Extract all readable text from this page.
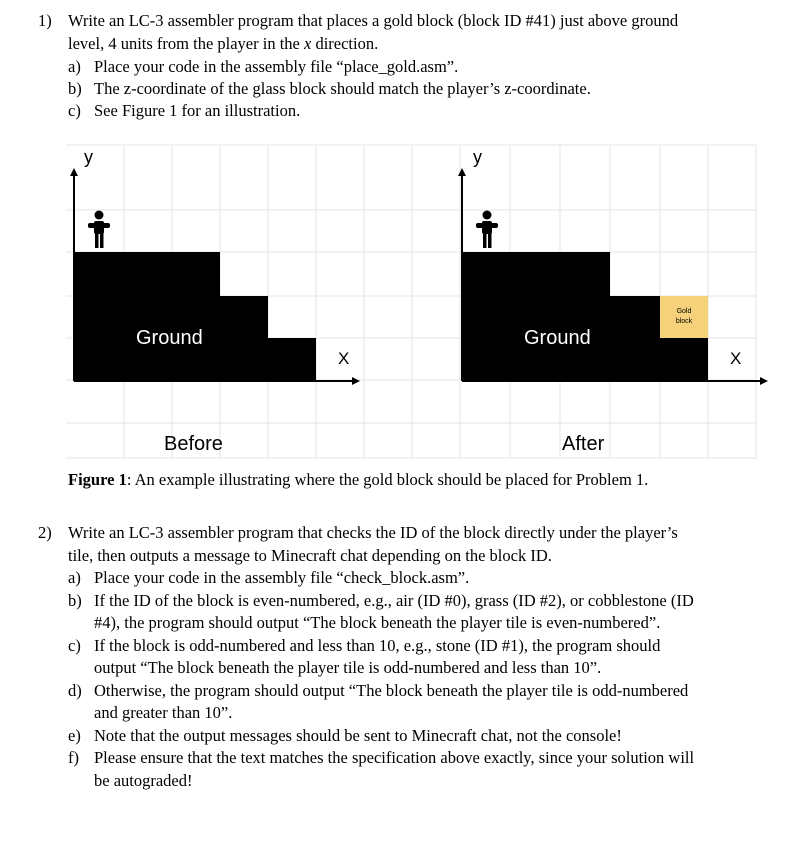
1) Write an LC-3 assembler program that places a gold block (block ID #41) just above ground
level, 4 units from the player in the x direction.
a) Place your code in the assembly file “place_gold.asm”.
b) The z-coordinate of the glass block should match the player’s z-coordinate.
c) See Figure 1 for an illustration.
y
X
Ground
Gold
block
y
X
Ground
Before	After
Figure 1: An example illustrating where the gold block should be placed for Problem 1.
2) Write an LC-3 assembler program that checks the ID of the block directly under the player’s
tile, then outputs a message to Minecraft chat depending on the block ID.
a) Place your code in the assembly file “check_block.asm”.
b) If the ID of the block is even-numbered, e.g., air (ID #0), grass (ID #2), or cobblestone (ID
#4), the program should output “The block beneath the player tile is even-numbered”.
c) If the block is odd-numbered and less than 10, e.g., stone (ID #1), the program should
output “The block beneath the player tile is odd-numbered and less than 10”.
d) Otherwise, the program should output “The block beneath the player tile is odd-numbered
and greater than 10”.
e) Note that the output messages should be sent to Minecraft chat, not the console!
f) Please ensure that the text matches the specification above exactly, since your solution will
be autograded!
